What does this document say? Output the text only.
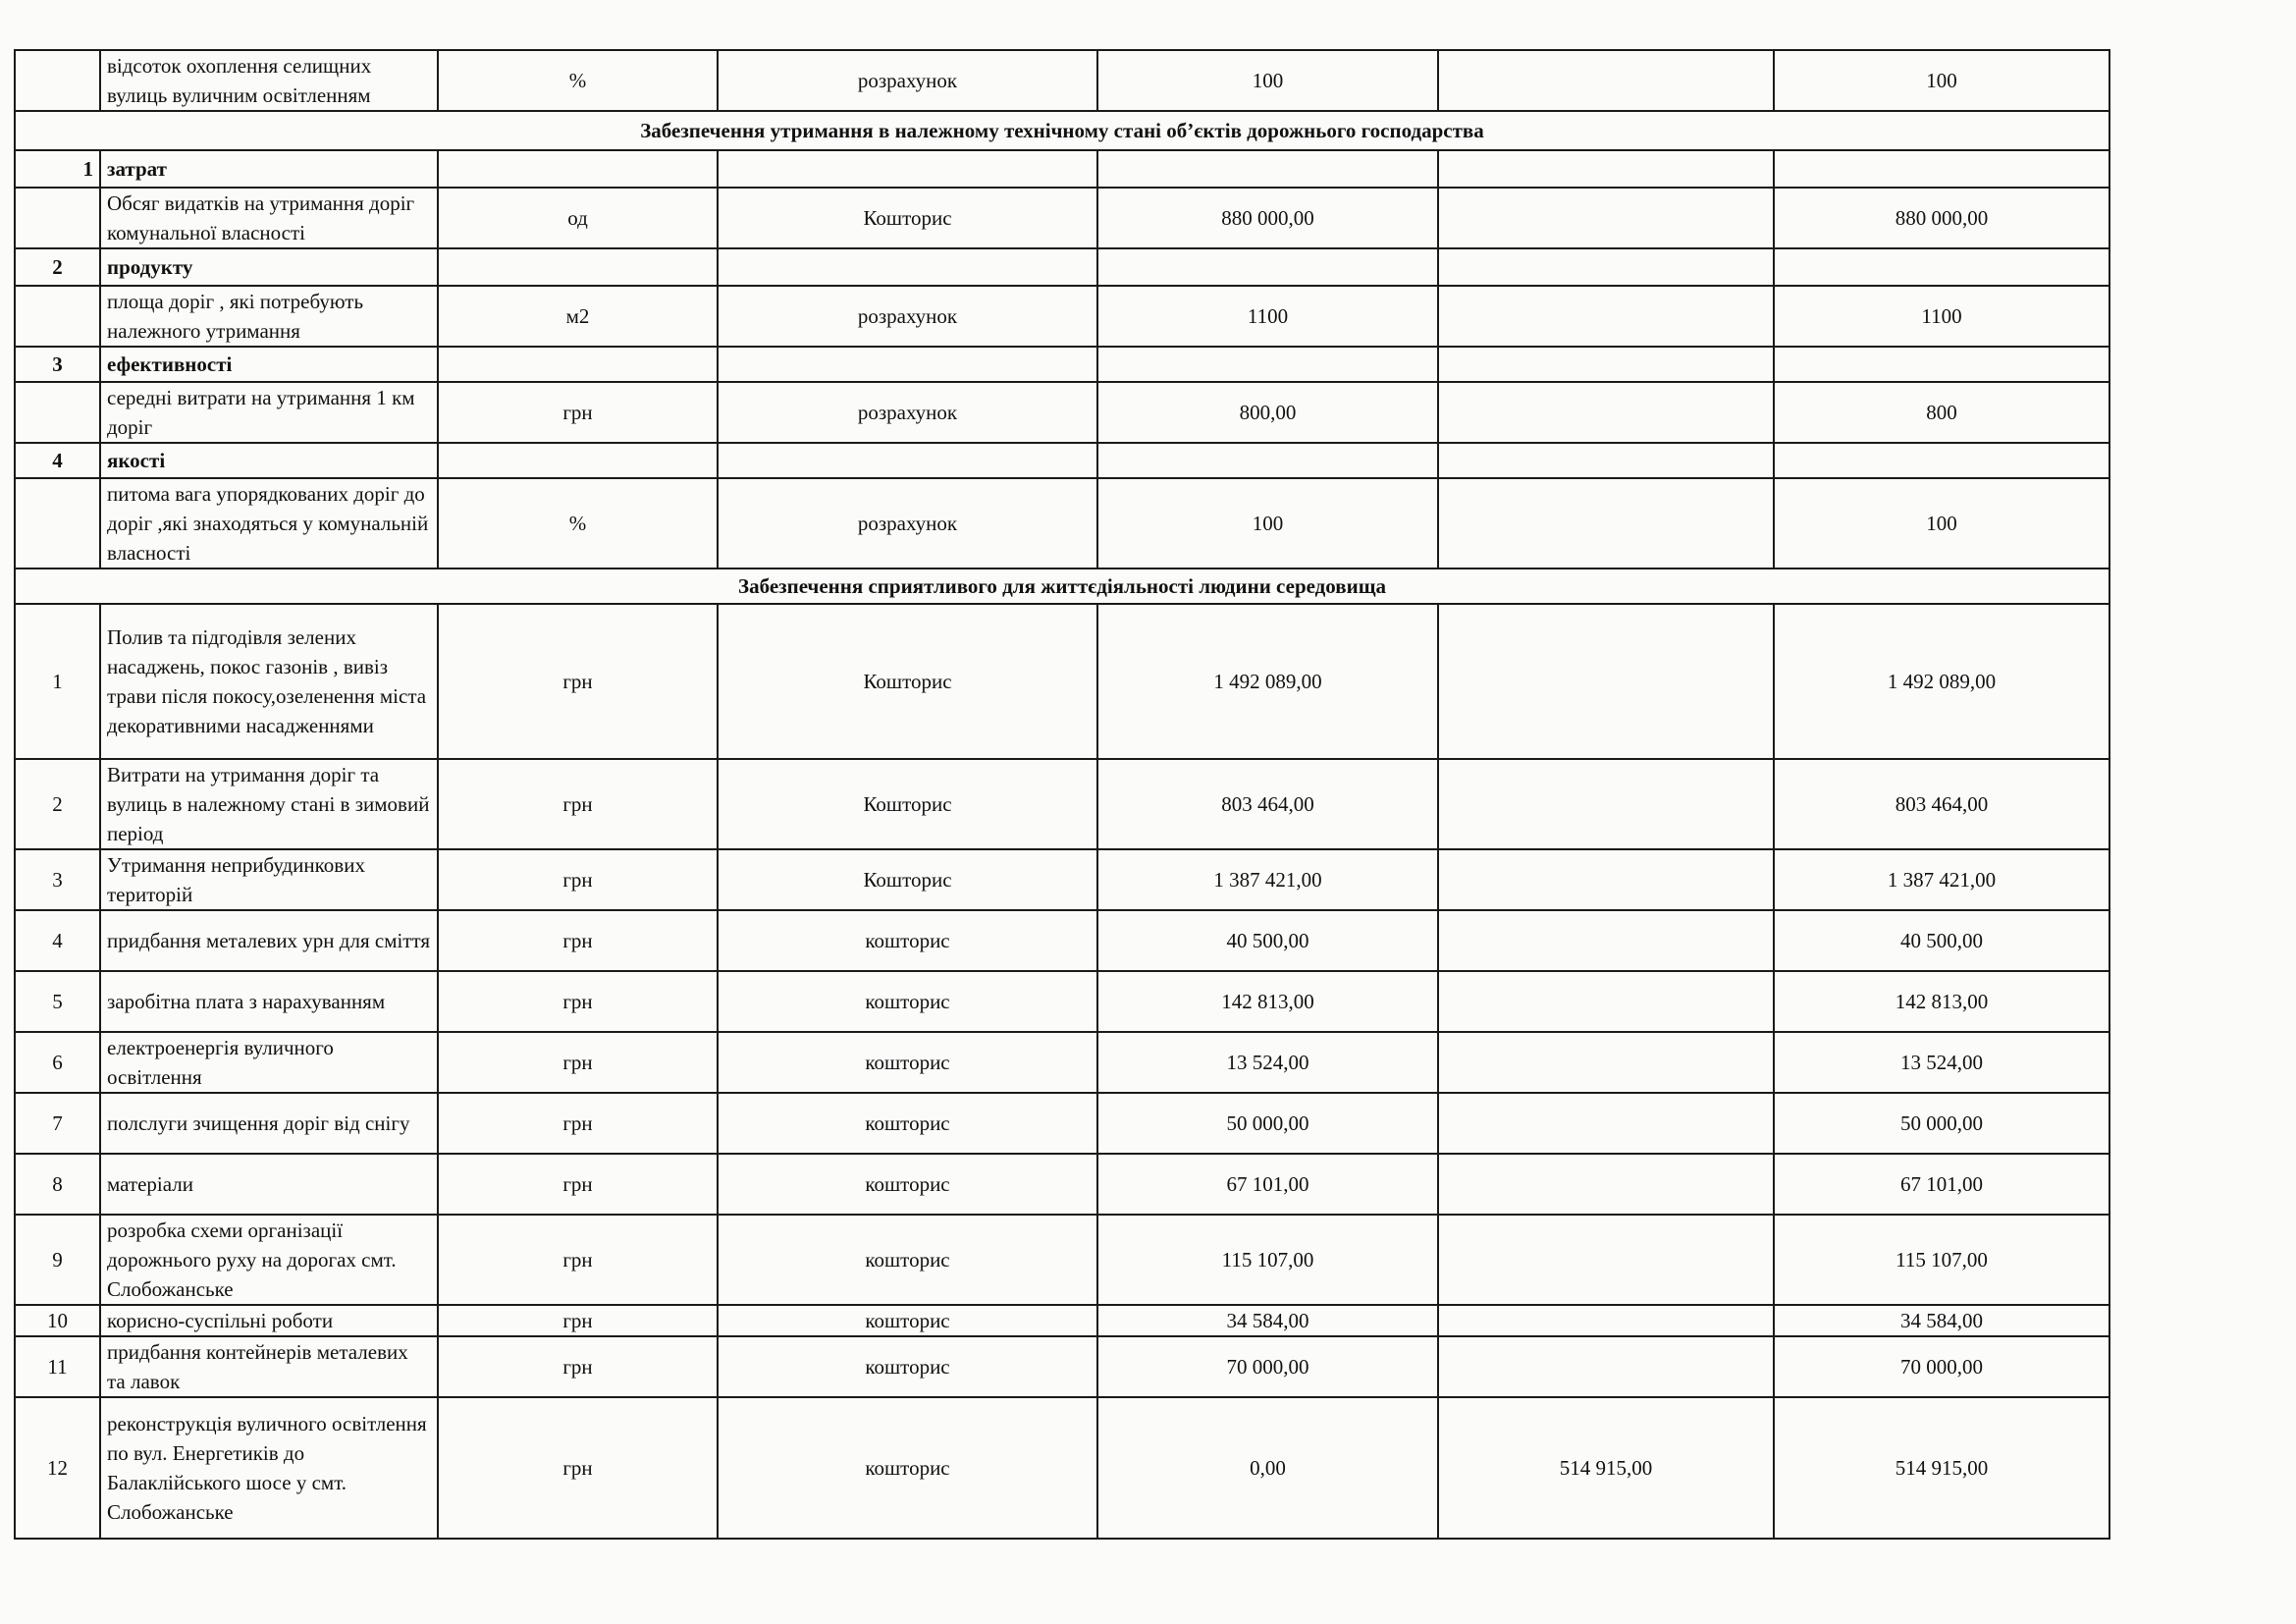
	відсоток охоплення селищних вулиць вуличним освітленням	%	розрахунок	100		100
Забезпечення утримання в належному технічному стані об’єктів дорожнього господарства						
1	затрат					
	Обсяг видатків на утримання доріг комунальної власності	од	Кошторис	880 000,00		880 000,00
2	продукту					
	площа доріг , які потребують належного утримання	м2	розрахунок	1100		1100
3	ефективності					
	середні витрати на утримання 1 км доріг	грн	розрахунок	800,00		800
4	якості					
	питома вага упорядкованих доріг до доріг ,які знаходяться у комунальній власності	%	розрахунок	100		100
Забезпечення сприятливого для життєдіяльності людини середовища						
1	Полив та підгодівля зелених насаджень, покос газонів , вивіз трави після покосу,озеленення міста декоративними насадженнями	грн	Кошторис	1 492 089,00		1 492 089,00
2	Витрати на утримання доріг та вулиць в належному стані в зимовий період	грн	Кошторис	803 464,00		803 464,00
3	Утримання неприбудинкових територій	грн	Кошторис	1 387 421,00		1 387 421,00
4	придбання металевих урн для сміття	грн	кошторис	40 500,00		40 500,00
5	заробітна плата з нарахуванням	грн	кошторис	142 813,00		142 813,00
6	електроенергія вуличного освітлення	грн	кошторис	13 524,00		13 524,00
7	полслуги зчищення доріг від снігу	грн	кошторис	50 000,00		50 000,00
8	матеріали	грн	кошторис	67 101,00		67 101,00
9	розробка схеми організації дорожнього руху на дорогах смт. Слобожанське	грн	кошторис	115 107,00		115 107,00
10	корисно-суспільні роботи	грн	кошторис	34 584,00		34 584,00
11	придбання контейнерів металевих та лавок	грн	кошторис	70 000,00		70 000,00
12	реконструкція вуличного освітлення по вул. Енергетиків до Балаклійського шосе у смт. Слобожанське	грн	кошторис	0,00	514 915,00	514 915,00
